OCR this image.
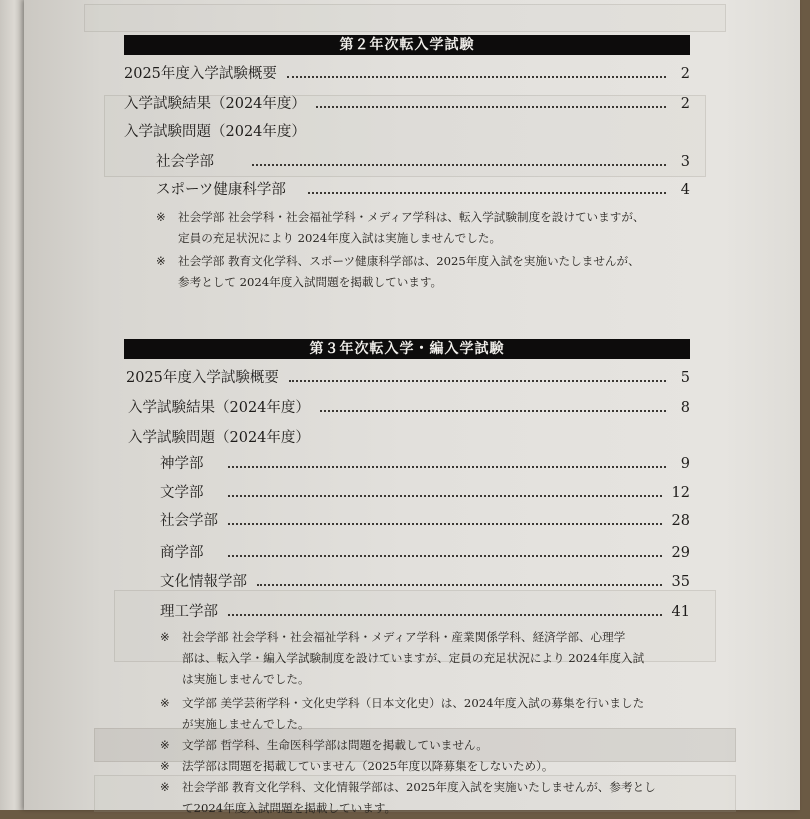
第２年次転入学試験
2025年度入学試験概要	2
入学試験結果（2024年度）	2
入学試験問題（2024年度）
社会学部	3
スポーツ健康科学部	4
※ 社会学部 社会学科・社会福祉学科・メディア学科は、転入学試験制度を設けていますが、
定員の充足状況により 2024年度入試は実施しませんでした。
※ 社会学部 教育文化学科、スポーツ健康科学部は、2025年度入試を実施いたしませんが、
参考として 2024年度入試問題を掲載しています。
第３年次転入学・編入学試験
2025年度入学試験概要	5
入学試験結果（2024年度）	8
入学試験問題（2024年度）
神学部	9
文学部	12
社会学部	28
商学部	29
文化情報学部	35
理工学部	41
※ 社会学部 社会学科・社会福祉学科・メディア学科・産業関係学科、経済学部、心理学
部は、転入学・編入学試験制度を設けていますが、定員の充足状況により 2024年度入試
は実施しませんでした。
※ 文学部 美学芸術学科・文化史学科（日本文化史）は、2024年度入試の募集を行いました
が実施しませんでした。
※ 文学部 哲学科、生命医科学部は問題を掲載していません。
※ 法学部は問題を掲載していません（2025年度以降募集をしないため）。
※ 社会学部 教育文化学科、文化情報学部は、2025年度入試を実施いたしませんが、参考とし
て2024年度入試問題を掲載しています。
